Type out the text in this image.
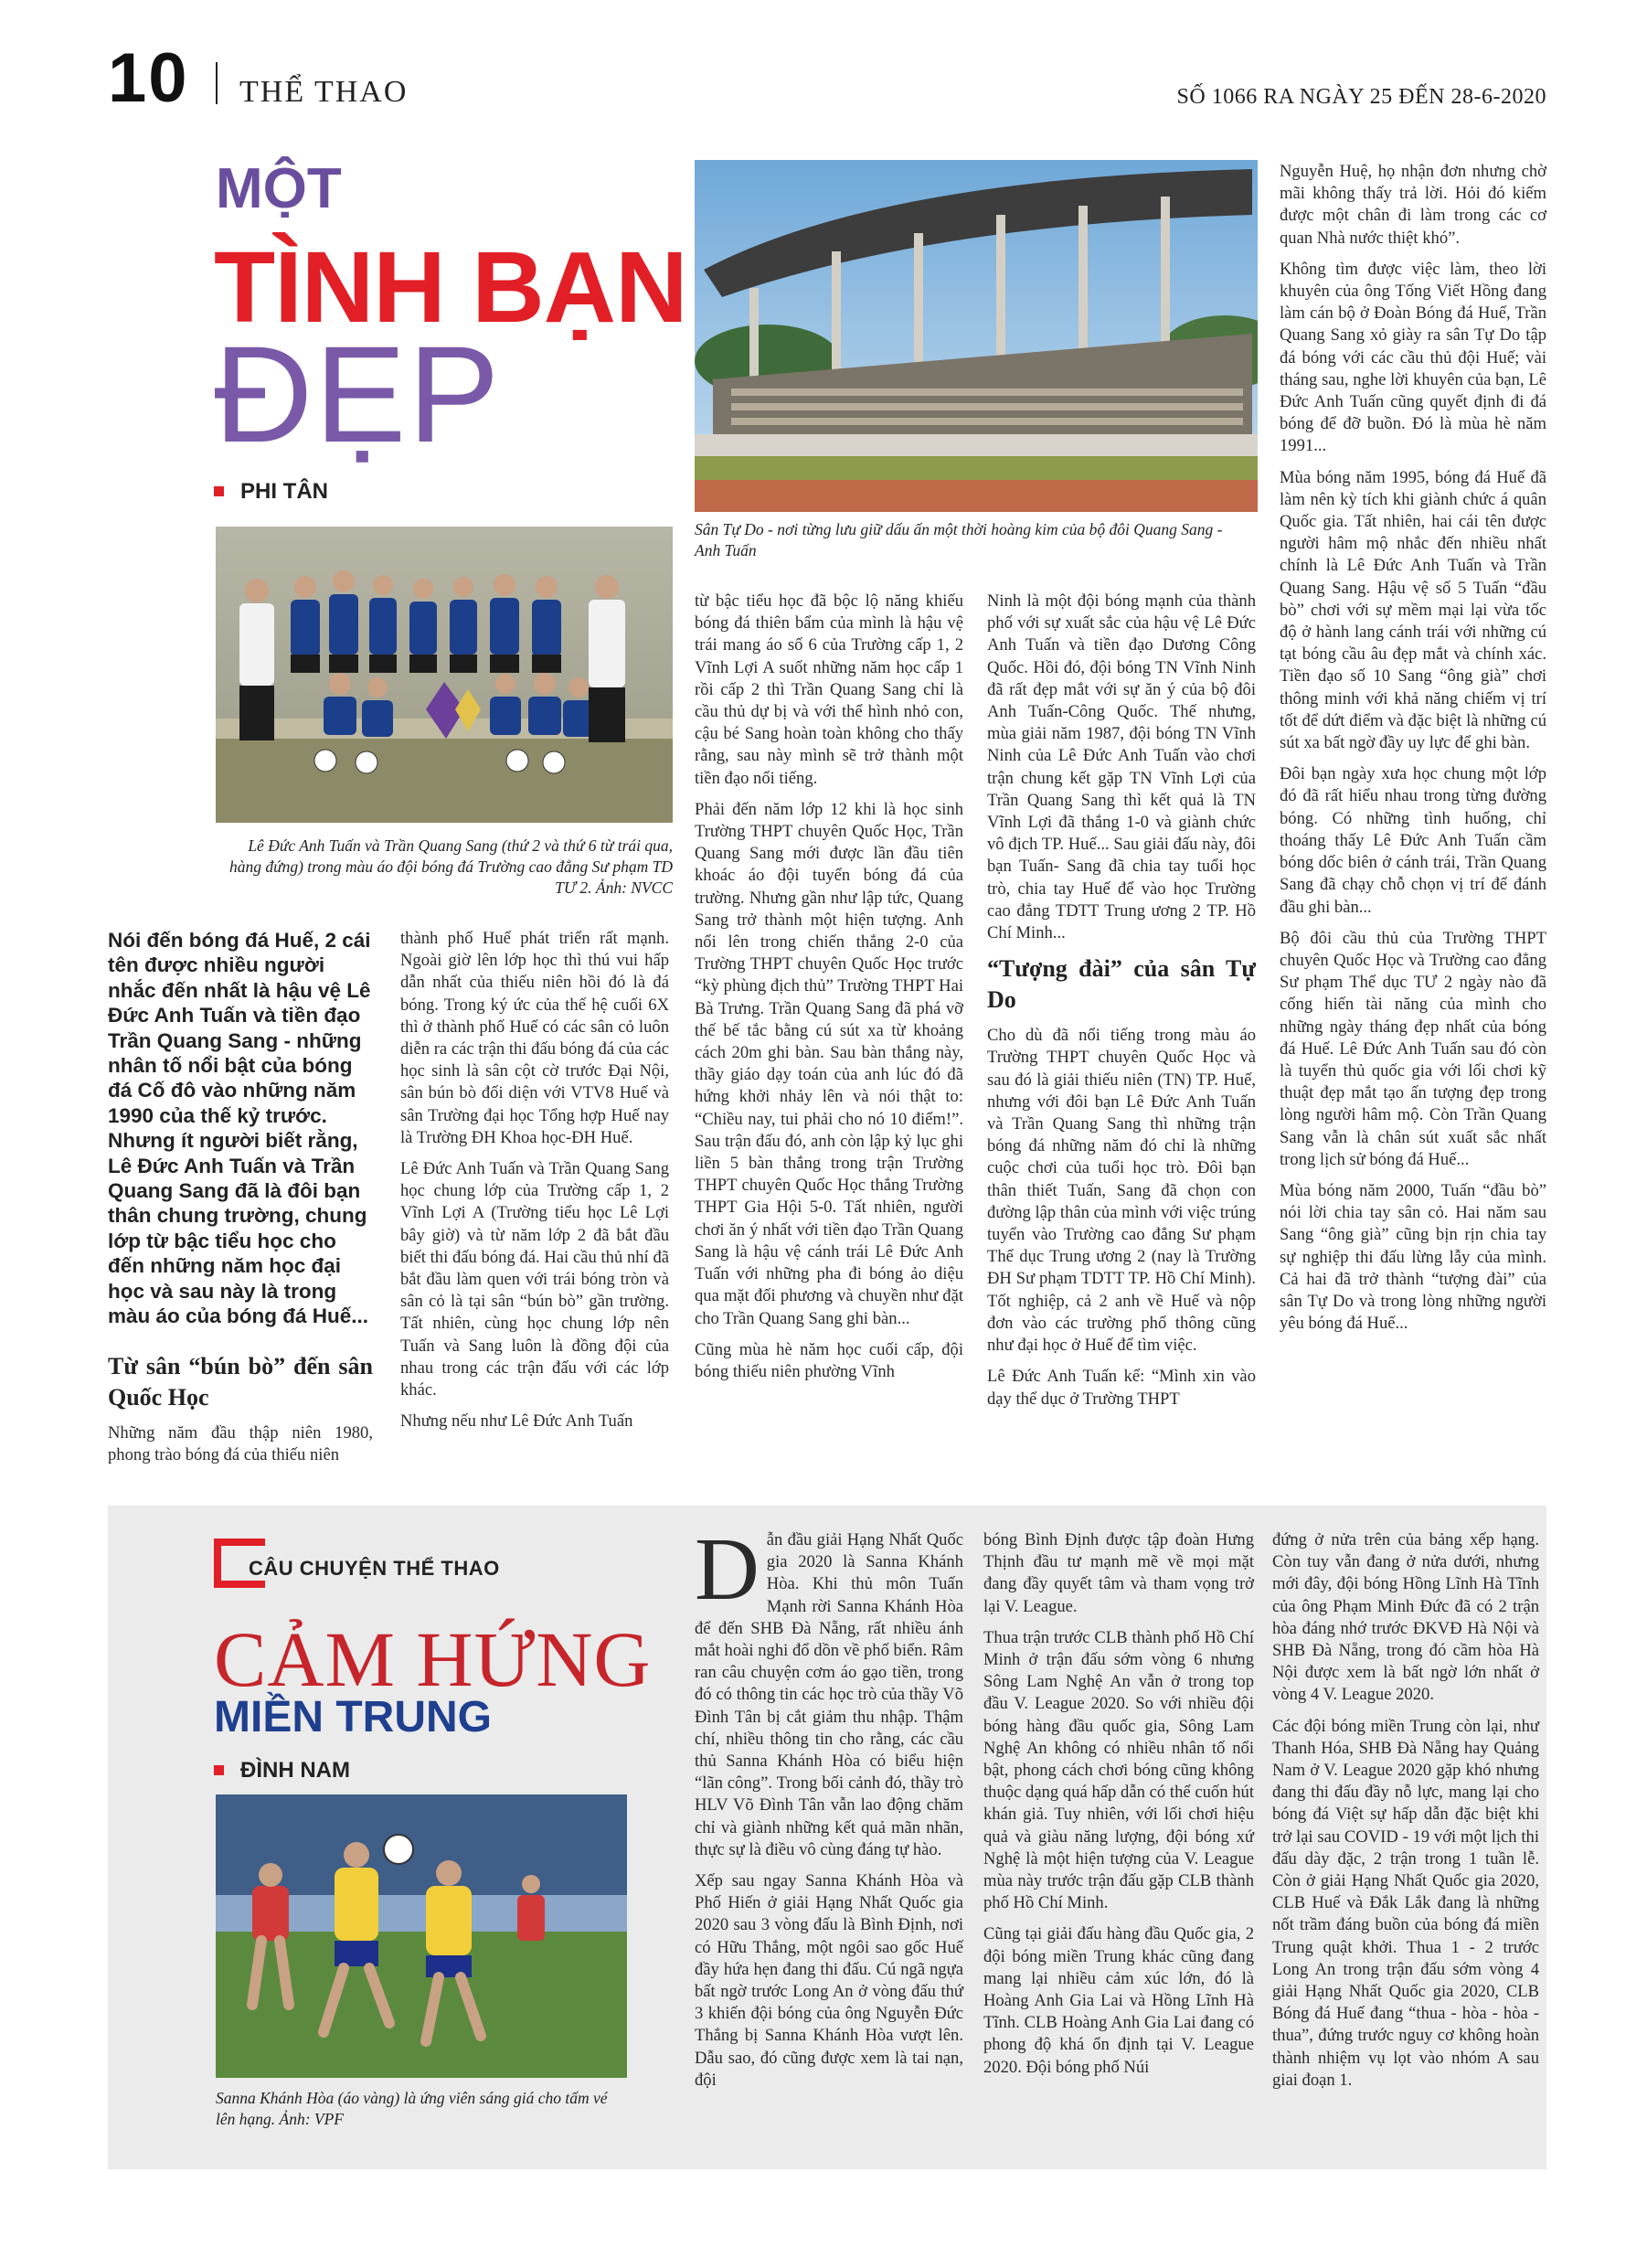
10 THỂ THAO	SỐ 1066 RA NGÀY 25 ĐẾN 28-6-2020
MỘT
TÌNH BẠN
ĐẸP
PHI TÂN
Lê Đức Anh Tuấn và Trần Quang Sang (thứ 2 và thứ 6 từ trái qua, hàng đứng) trong màu áo đội bóng đá Trường cao đẳng Sư phạm TD TƯ 2. Ảnh: NVCC
Sân Tự Do - nơi từng lưu giữ dấu ấn một thời hoàng kim của bộ đôi Quang Sang - Anh Tuấn

Nói đến bóng đá Huế, 2 cái tên được nhiều người nhắc đến nhất là hậu vệ Lê Đức Anh Tuấn và tiền đạo Trần Quang Sang - những nhân tố nổi bật của bóng đá Cố đô vào những năm 1990 của thế kỷ trước. Nhưng ít người biết rằng, Lê Đức Anh Tuấn và Trần Quang Sang đã là đôi bạn thân chung trường, chung lớp từ bậc tiểu học cho đến những năm học đại học và sau này là trong màu áo của bóng đá Huế...

Từ sân “bún bò” đến sân Quốc Học

Những năm đầu thập niên 1980, phong trào bóng đá của thiếu niên

thành phố Huế phát triển rất mạnh. Ngoài giờ lên lớp học thì thú vui hấp dẫn nhất của thiếu niên hồi đó là đá bóng. Trong ký ức của thế hệ cuối 6X thì ở thành phố Huế có các sân cỏ luôn diễn ra các trận thi đấu bóng đá của các học sinh là sân cột cờ trước Đại Nội, sân bún bò đối diện với VTV8 Huế và sân Trường đại học Tổng hợp Huế nay là Trường ĐH Khoa học-ĐH Huế.

Lê Đức Anh Tuấn và Trần Quang Sang học chung lớp của Trường cấp 1, 2 Vĩnh Lợi A (Trường tiểu học Lê Lợi bây giờ) và từ năm lớp 2 đã bắt đầu biết thi đấu bóng đá. Hai cầu thủ nhí đã bắt đầu làm quen với trái bóng tròn và sân cỏ là tại sân “bún bò” gần trường. Tất nhiên, cùng học chung lớp nên Tuấn và Sang luôn là đồng đội của nhau trong các trận đấu với các lớp khác.

Nhưng nếu như Lê Đức Anh Tuấn

từ bậc tiểu học đã bộc lộ năng khiếu bóng đá thiên bẩm của mình là hậu vệ trái mang áo số 6 của Trường cấp 1, 2 Vĩnh Lợi A suốt những năm học cấp 1 rồi cấp 2 thì Trần Quang Sang chỉ là cầu thủ dự bị và với thể hình nhỏ con, cậu bé Sang hoàn toàn không cho thấy rằng, sau này mình sẽ trở thành một tiền đạo nổi tiếng.

Phải đến năm lớp 12 khi là học sinh Trường THPT chuyên Quốc Học, Trần Quang Sang mới được lần đầu tiên khoác áo đội tuyển bóng đá của trường. Nhưng gần như lập tức, Quang Sang trở thành một hiện tượng. Anh nổi lên trong chiến thắng 2-0 của Trường THPT chuyên Quốc Học trước “kỳ phùng địch thủ” Trường THPT Hai Bà Trưng. Trần Quang Sang đã phá vỡ thế bế tắc bằng cú sút xa từ khoảng cách 20m ghi bàn. Sau bàn thắng này, thầy giáo dạy toán của anh lúc đó đã hứng khởi nhảy lên và nói thật to: “Chiều nay, tui phải cho nó 10 điểm!”. Sau trận đấu đó, anh còn lập kỷ lục ghi liền 5 bàn thắng trong trận Trường THPT chuyên Quốc Học thắng Trường THPT Gia Hội 5-0. Tất nhiên, người chơi ăn ý nhất với tiền đạo Trần Quang Sang là hậu vệ cánh trái Lê Đức Anh Tuấn với những pha đi bóng ảo diệu qua mặt đối phương và chuyền như đặt cho Trần Quang Sang ghi bàn...

Cũng mùa hè năm học cuối cấp, đội bóng thiếu niên phường Vĩnh

Ninh là một đội bóng mạnh của thành phố với sự xuất sắc của hậu vệ Lê Đức Anh Tuấn và tiền đạo Dương Công Quốc. Hồi đó, đội bóng TN Vĩnh Ninh đã rất đẹp mắt với sự ăn ý của bộ đôi Anh Tuấn-Công Quốc. Thế nhưng, mùa giải năm 1987, đội bóng TN Vĩnh Ninh của Lê Đức Anh Tuấn vào chơi trận chung kết gặp TN Vĩnh Lợi của Trần Quang Sang thì kết quả là TN Vĩnh Lợi đã thắng 1-0 và giành chức vô địch TP. Huế... Sau giải đấu này, đôi bạn Tuấn- Sang đã chia tay tuổi học trò, chia tay Huế để vào học Trường cao đẳng TDTT Trung ương 2 TP. Hồ Chí Minh...

“Tượng đài” của sân Tự Do

Cho dù đã nổi tiếng trong màu áo Trường THPT chuyên Quốc Học và sau đó là giải thiếu niên (TN) TP. Huế, nhưng với đôi bạn Lê Đức Anh Tuấn và Trần Quang Sang thì những trận bóng đá những năm đó chỉ là những cuộc chơi của tuổi học trò. Đôi bạn thân thiết Tuấn, Sang đã chọn con đường lập thân của mình với việc trúng tuyển vào Trường cao đẳng Sư phạm Thể dục Trung ương 2 (nay là Trường ĐH Sư phạm TDTT TP. Hồ Chí Minh). Tốt nghiệp, cả 2 anh về Huế và nộp đơn vào các trường phổ thông cũng như đại học ở Huế để tìm việc.

Lê Đức Anh Tuấn kể: “Mình xin vào dạy thể dục ở Trường THPT

Nguyễn Huệ, họ nhận đơn nhưng chờ mãi không thấy trả lời. Hỏi đó kiếm được một chân đi làm trong các cơ quan Nhà nước thiệt khó”.

Không tìm được việc làm, theo lời khuyên của ông Tống Viết Hồng đang làm cán bộ ở Đoàn Bóng đá Huế, Trần Quang Sang xỏ giày ra sân Tự Do tập đá bóng với các cầu thủ đội Huế; vài tháng sau, nghe lời khuyên của bạn, Lê Đức Anh Tuấn cũng quyết định đi đá bóng để đỡ buồn. Đó là mùa hè năm 1991...

Mùa bóng năm 1995, bóng đá Huế đã làm nên kỳ tích khi giành chức á quân Quốc gia. Tất nhiên, hai cái tên được người hâm mộ nhắc đến nhiều nhất chính là Lê Đức Anh Tuấn và Trần Quang Sang. Hậu vệ số 5 Tuấn “đầu bò” chơi với sự mềm mại lại vừa tốc độ ở hành lang cánh trái với những cú tạt bóng cầu âu đẹp mắt và chính xác. Tiền đạo số 10 Sang “ông già” chơi thông minh với khả năng chiếm vị trí tốt để dứt điểm và đặc biệt là những cú sút xa bất ngờ đầy uy lực để ghi bàn.

Đôi bạn ngày xưa học chung một lớp đó đã rất hiểu nhau trong từng đường bóng. Có những tình huống, chỉ thoáng thấy Lê Đức Anh Tuấn cầm bóng dốc biên ở cánh trái, Trần Quang Sang đã chạy chỗ chọn vị trí để đánh đầu ghi bàn...

Bộ đôi cầu thủ của Trường THPT chuyên Quốc Học và Trường cao đẳng Sư phạm Thể dục TƯ 2 ngày nào đã cống hiến tài năng của mình cho những ngày tháng đẹp nhất của bóng đá Huế. Lê Đức Anh Tuấn sau đó còn là tuyển thủ quốc gia với lối chơi kỹ thuật đẹp mắt tạo ấn tượng đẹp trong lòng người hâm mộ. Còn Trần Quang Sang vẫn là chân sút xuất sắc nhất trong lịch sử bóng đá Huế...

Mùa bóng năm 2000, Tuấn “đầu bò” nói lời chia tay sân cỏ. Hai năm sau Sang “ông già” cũng bịn rịn chia tay sự nghiệp thi đấu lừng lẫy của mình. Cả hai đã trở thành “tượng đài” của sân Tự Do và trong lòng những người yêu bóng đá Huế...

CÂU CHUYỆN THỂ THAO
CẢM HỨNG
MIỀN TRUNG
ĐÌNH NAM
Sanna Khánh Hòa (áo vàng) là ứng viên sáng giá cho tấm vé lên hạng. Ảnh: VPF

Dẫn đầu giải Hạng Nhất Quốc gia 2020 là Sanna Khánh Hòa. Khi thủ môn Tuấn Mạnh rời Sanna Khánh Hòa để đến SHB Đà Nẵng, rất nhiều ánh mắt hoài nghi đổ dồn về phố biển. Râm ran câu chuyện cơm áo gạo tiền, trong đó có thông tin các học trò của thầy Võ Đình Tân bị cắt giảm thu nhập. Thậm chí, nhiều thông tin cho rằng, các cầu thủ Sanna Khánh Hòa có biểu hiện “lãn công”. Trong bối cảnh đó, thầy trò HLV Võ Đình Tân vẫn lao động chăm chỉ và giành những kết quả mãn nhãn, thực sự là điều vô cùng đáng tự hào.

Xếp sau ngay Sanna Khánh Hòa và Phố Hiến ở giải Hạng Nhất Quốc gia 2020 sau 3 vòng đấu là Bình Định, nơi có Hữu Thắng, một ngôi sao gốc Huế đầy hứa hẹn đang thi đấu. Cú ngã ngựa bất ngờ trước Long An ở vòng đấu thứ 3 khiến đội bóng của ông Nguyễn Đức Thắng bị Sanna Khánh Hòa vượt lên. Dẫu sao, đó cũng được xem là tai nạn, đội

bóng Bình Định được tập đoàn Hưng Thịnh đầu tư mạnh mẽ về mọi mặt đang đầy quyết tâm và tham vọng trở lại V. League.

Thua trận trước CLB thành phố Hồ Chí Minh ở trận đấu sớm vòng 6 nhưng Sông Lam Nghệ An vẫn ở trong top đầu V. League 2020. So với nhiều đội bóng hàng đầu quốc gia, Sông Lam Nghệ An không có nhiều nhân tố nổi bật, phong cách chơi bóng cũng không thuộc dạng quá hấp dẫn có thể cuốn hút khán giả. Tuy nhiên, với lối chơi hiệu quả và giàu năng lượng, đội bóng xứ Nghệ là một hiện tượng của V. League mùa này trước trận đấu gặp CLB thành phố Hồ Chí Minh.

Cũng tại giải đấu hàng đầu Quốc gia, 2 đội bóng miền Trung khác cũng đang mang lại nhiều cảm xúc lớn, đó là Hoàng Anh Gia Lai và Hồng Lĩnh Hà Tĩnh. CLB Hoàng Anh Gia Lai đang có phong độ khá ổn định tại V. League 2020. Đội bóng phố Núi

đứng ở nửa trên của bảng xếp hạng. Còn tuy vẫn đang ở nửa dưới, nhưng mới đây, đội bóng Hồng Lĩnh Hà Tĩnh của ông Phạm Minh Đức đã có 2 trận hòa đáng nhớ trước ĐKVĐ Hà Nội và SHB Đà Nẵng, trong đó cầm hòa Hà Nội được xem là bất ngờ lớn nhất ở vòng 4 V. League 2020.

Các đội bóng miền Trung còn lại, như Thanh Hóa, SHB Đà Nẵng hay Quảng Nam ở V. League 2020 gặp khó nhưng đang thi đấu đầy nỗ lực, mang lại cho bóng đá Việt sự hấp dẫn đặc biệt khi trở lại sau COVID - 19 với một lịch thi đấu dày đặc, 2 trận trong 1 tuần lễ. Còn ở giải Hạng Nhất Quốc gia 2020, CLB Huế và Đắk Lắk đang là những nốt trầm đáng buồn của bóng đá miền Trung quật khởi. Thua 1 - 2 trước Long An trong trận đấu sớm vòng 4 giải Hạng Nhất Quốc gia 2020, CLB Bóng đá Huế đang “thua - hòa - hòa - thua”, đứng trước nguy cơ không hoàn thành nhiệm vụ lọt vào nhóm A sau giai đoạn 1.
